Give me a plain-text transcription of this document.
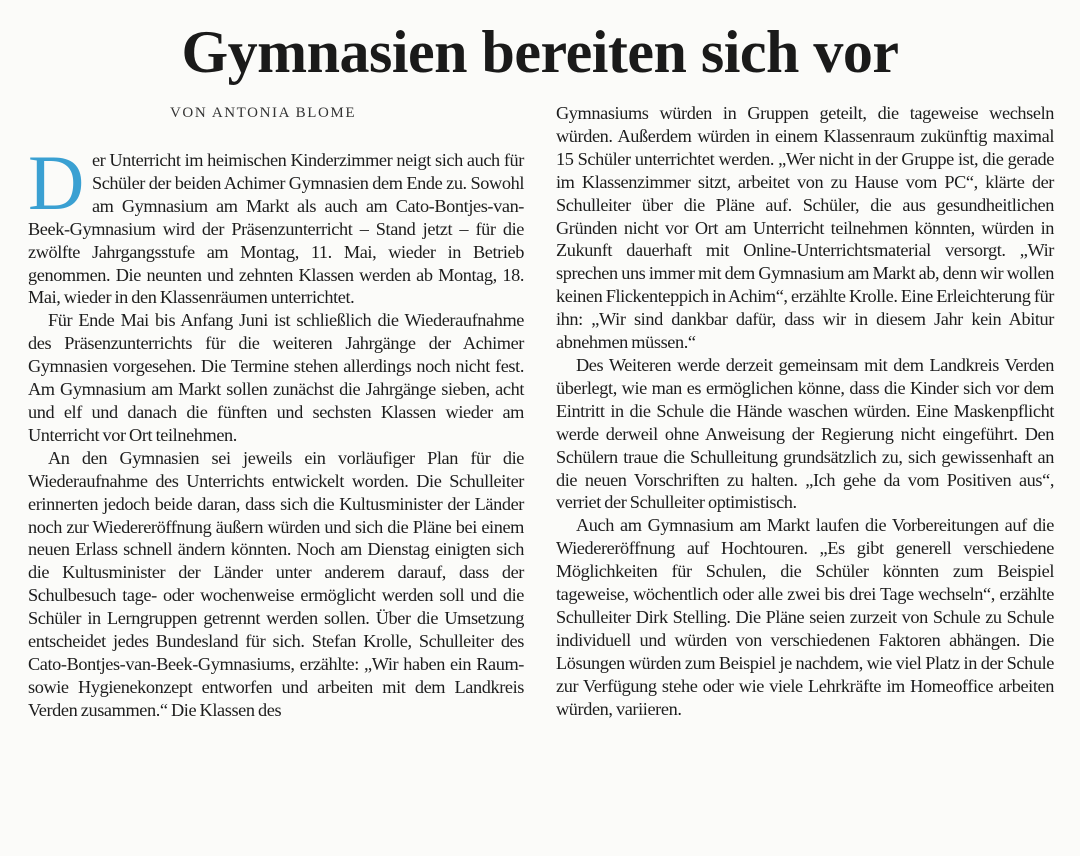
Gymnasien bereiten sich vor
VON ANTONIA BLOME

Der Unterricht im heimischen Kinderzimmer neigt sich auch für Schüler der beiden Achimer Gymnasien dem Ende zu. Sowohl am Gymnasium am Markt als auch am Cato-Bontjes-van-Beek-Gymnasium wird der Präsenzunterricht – Stand jetzt – für die zwölfte Jahrgangsstufe am Montag, 11. Mai, wieder in Betrieb genommen. Die neunten und zehnten Klassen werden ab Montag, 18. Mai, wieder in den Klassenräumen unterrichtet.

Für Ende Mai bis Anfang Juni ist schließlich die Wiederaufnahme des Präsenzunterrichts für die weiteren Jahrgänge der Achimer Gymnasien vorgesehen. Die Termine stehen allerdings noch nicht fest. Am Gymnasium am Markt sollen zunächst die Jahrgänge sieben, acht und elf und danach die fünften und sechsten Klassen wieder am Unterricht vor Ort teilnehmen.

An den Gymnasien sei jeweils ein vorläufiger Plan für die Wiederaufnahme des Unterrichts entwickelt worden. Die Schulleiter erinnerten jedoch beide daran, dass sich die Kultusminister der Länder noch zur Wiedereröffnung äußern würden und sich die Pläne bei einem neuen Erlass schnell ändern könnten. Noch am Dienstag einigten sich die Kultusminister der Länder unter anderem darauf, dass der Schulbesuch tage- oder wochenweise ermöglicht werden soll und die Schüler in Lerngruppen getrennt werden sollen. Über die Umsetzung entscheidet jedes Bundesland für sich. Stefan Krolle, Schulleiter des Cato-Bontjes-van-Beek-Gymnasiums, erzählte: „Wir haben ein Raum- sowie Hygienekonzept entworfen und arbeiten mit dem Landkreis Verden zusammen.“ Die Klassen des

Gymnasiums würden in Gruppen geteilt, die tageweise wechseln würden. Außerdem würden in einem Klassenraum zukünftig maximal 15 Schüler unterrichtet werden. „Wer nicht in der Gruppe ist, die gerade im Klassenzimmer sitzt, arbeitet von zu Hause vom PC“, klärte der Schulleiter über die Pläne auf. Schüler, die aus gesundheitlichen Gründen nicht vor Ort am Unterricht teilnehmen könnten, würden in Zukunft dauerhaft mit Online-Unterrichtsmaterial versorgt. „Wir sprechen uns immer mit dem Gymnasium am Markt ab, denn wir wollen keinen Flickenteppich in Achim“, erzählte Krolle. Eine Erleichterung für ihn: „Wir sind dankbar dafür, dass wir in diesem Jahr kein Abitur abnehmen müssen.“

Des Weiteren werde derzeit gemeinsam mit dem Landkreis Verden überlegt, wie man es ermöglichen könne, dass die Kinder sich vor dem Eintritt in die Schule die Hände waschen würden. Eine Maskenpflicht werde derweil ohne Anweisung der Regierung nicht eingeführt. Den Schülern traue die Schulleitung grundsätzlich zu, sich gewissenhaft an die neuen Vorschriften zu halten. „Ich gehe da vom Positiven aus“, verriet der Schulleiter optimistisch.

Auch am Gymnasium am Markt laufen die Vorbereitungen auf die Wiedereröffnung auf Hochtouren. „Es gibt generell verschiedene Möglichkeiten für Schulen, die Schüler könnten zum Beispiel tageweise, wöchentlich oder alle zwei bis drei Tage wechseln“, erzählte Schulleiter Dirk Stelling. Die Pläne seien zurzeit von Schule zu Schule individuell und würden von verschiedenen Faktoren abhängen. Die Lösungen würden zum Beispiel je nachdem, wie viel Platz in der Schule zur Verfügung stehe oder wie viele Lehrkräfte im Homeoffice arbeiten würden, variieren.
